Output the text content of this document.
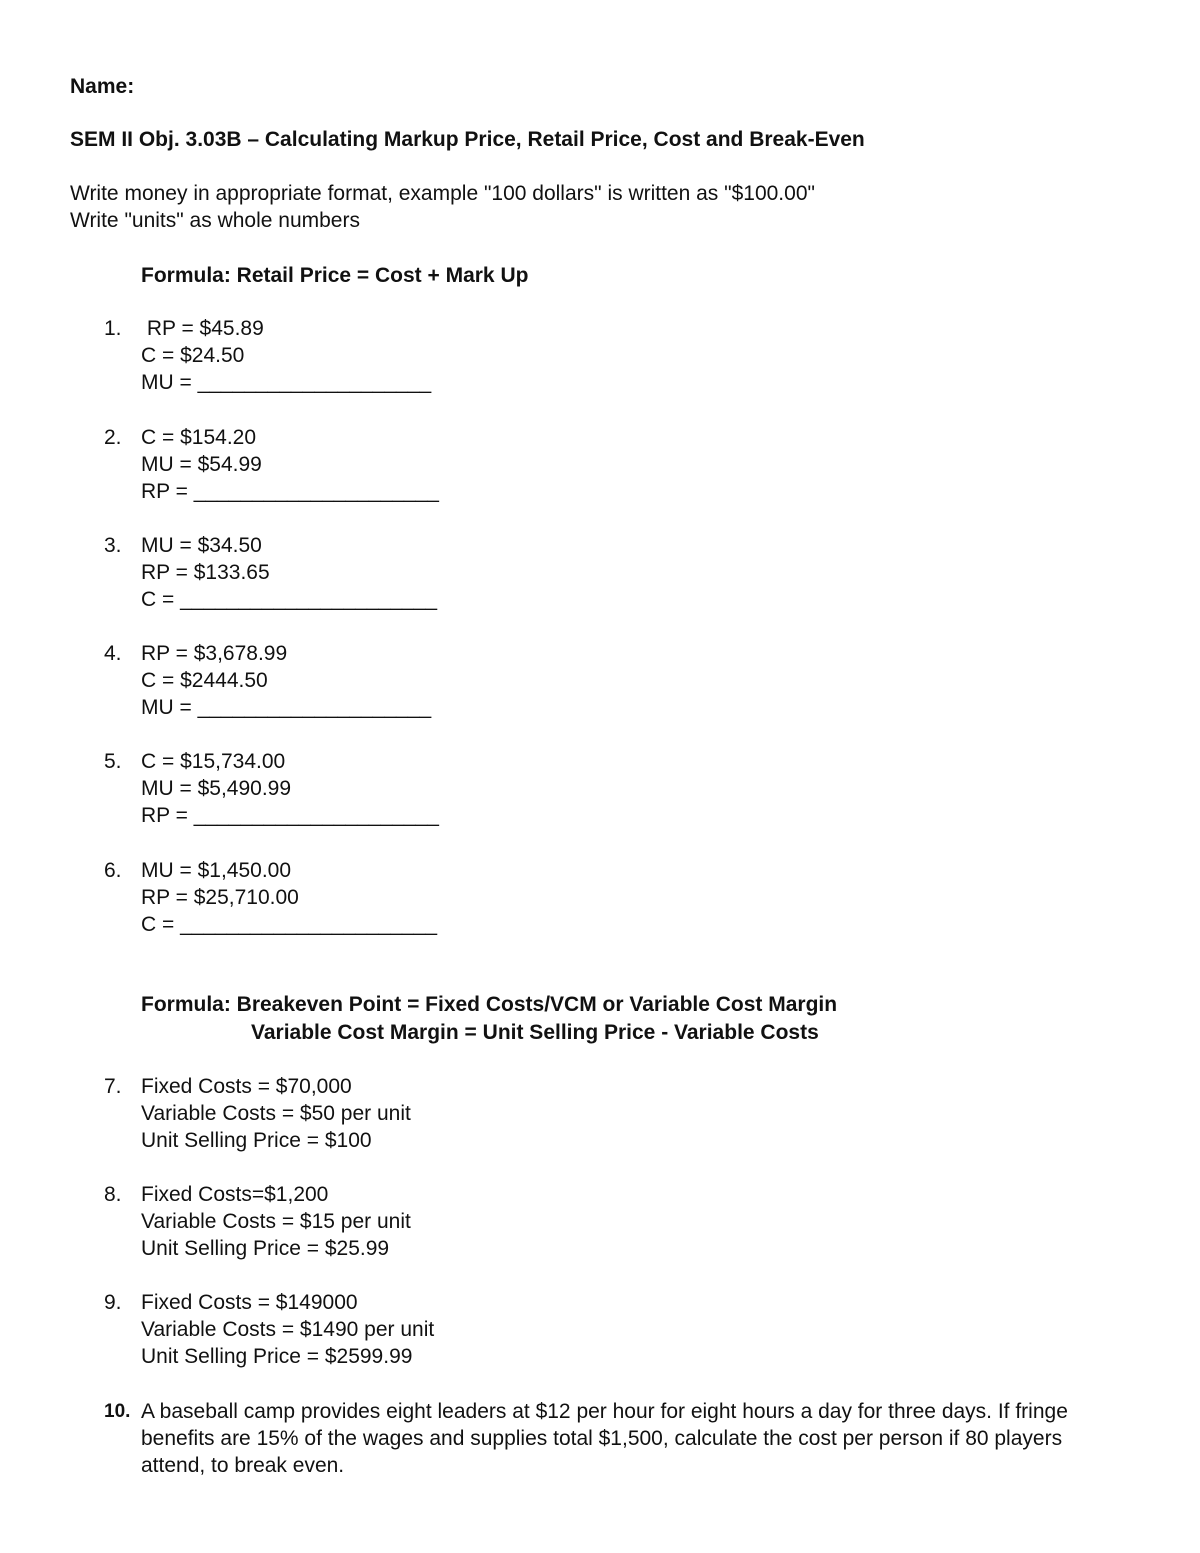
Name:
SEM II Obj. 3.03B – Calculating Markup Price, Retail Price, Cost and Break-Even
Write money in appropriate format, example "100 dollars" is written as "$100.00"
Write "units" as whole numbers
Formula: Retail Price = Cost + Mark Up
1. RP = $45.89
C = $24.50
MU = ____________________
2. C = $154.20
MU = $54.99
RP = _____________________
3. MU = $34.50
RP = $133.65
C = ______________________
4. RP = $3,678.99
C = $2444.50
MU = ____________________
5. C = $15,734.00
MU = $5,490.99
RP = _____________________
6. MU = $1,450.00
RP = $25,710.00
C = ______________________
Formula: Breakeven Point = Fixed Costs/VCM or Variable Cost Margin
Variable Cost Margin = Unit Selling Price - Variable Costs
7. Fixed Costs = $70,000
Variable Costs = $50 per unit
Unit Selling Price = $100
8. Fixed Costs=$1,200
Variable Costs = $15 per unit
Unit Selling Price = $25.99
9. Fixed Costs = $149000
Variable Costs = $1490 per unit
Unit Selling Price = $2599.99
10. A baseball camp provides eight leaders at $12 per hour for eight hours a day for three days. If fringe benefits are 15% of the wages and supplies total $1,500, calculate the cost per person if 80 players attend, to break even.
